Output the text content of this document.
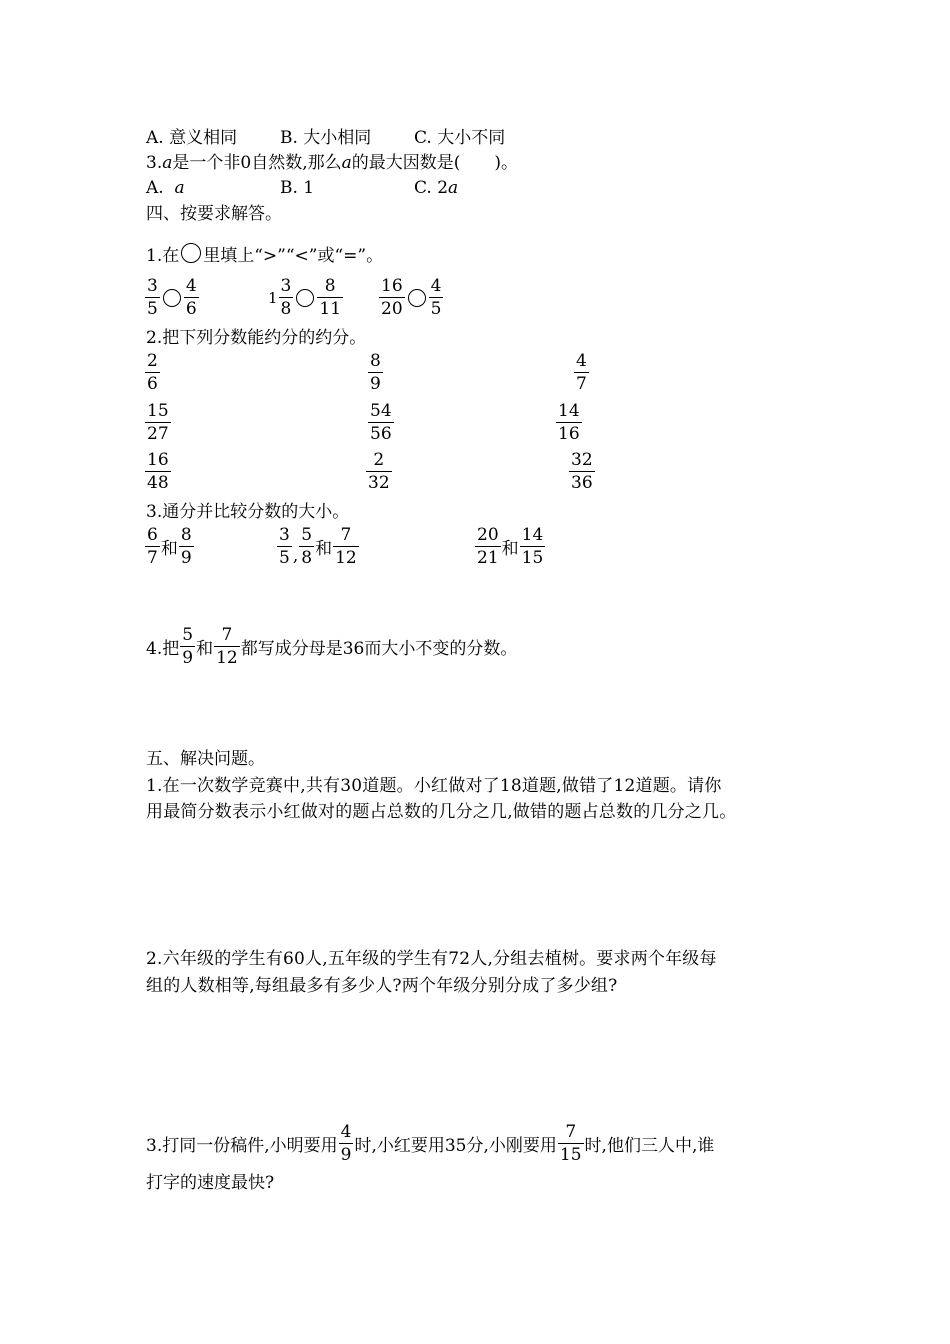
A. 意义相同	B. 大小相同	C. 大小不同
3.a是一个非0自然数,那么a的最大因数是(　　)。
A. a	B. 1	C. 2a
四、按要求解答。
1.在 里填上“>”“<”或“=”。
$\frac{3}{5} \frac{4}{6}$	$1 \frac{3}{8} \frac{8}{11} \frac{16}{20} \frac{4}{5}$
2.把下列分数能约分的约分。
$\frac{2}{6}$	$\frac{8}{9}$	$\frac{4}{7}$
$\frac{15}{27}$	$\frac{54}{56}$	$\frac{14}{16}$
$\frac{16}{48}$	$\frac{2}{32}$	$\frac{32}{36}$
3.通分并比较分数的大小。
$\frac{6}{7}$ 和 $\frac{8}{9}$	$\frac{3}{5}$ , $\frac{5}{8}$ 和 $\frac{7}{12}$	$\frac{20}{21}$ 和 $\frac{14}{15}$
4.把 $\frac{5}{9}$ 和 $\frac{7}{12}$ 都写成分母是36而大小不变的分数。
五、解决问题。
1.在一次数学竞赛中,共有30道题。小红做对了18道题,做错了12道题。请你
用最简分数表示小红做对的题占总数的几分之几,做错的题占总数的几分之几。
2.六年级的学生有60人,五年级的学生有72人,分组去植树。要求两个年级每
组的人数相等,每组最多有多少人?两个年级分别分成了多少组?
3.打同一份稿件,小明要用 $\frac{4}{9}$ 时,小红要用35分,小刚要用 $\frac{7}{15}$ 时,他们三人中,谁
打字的速度最快?
